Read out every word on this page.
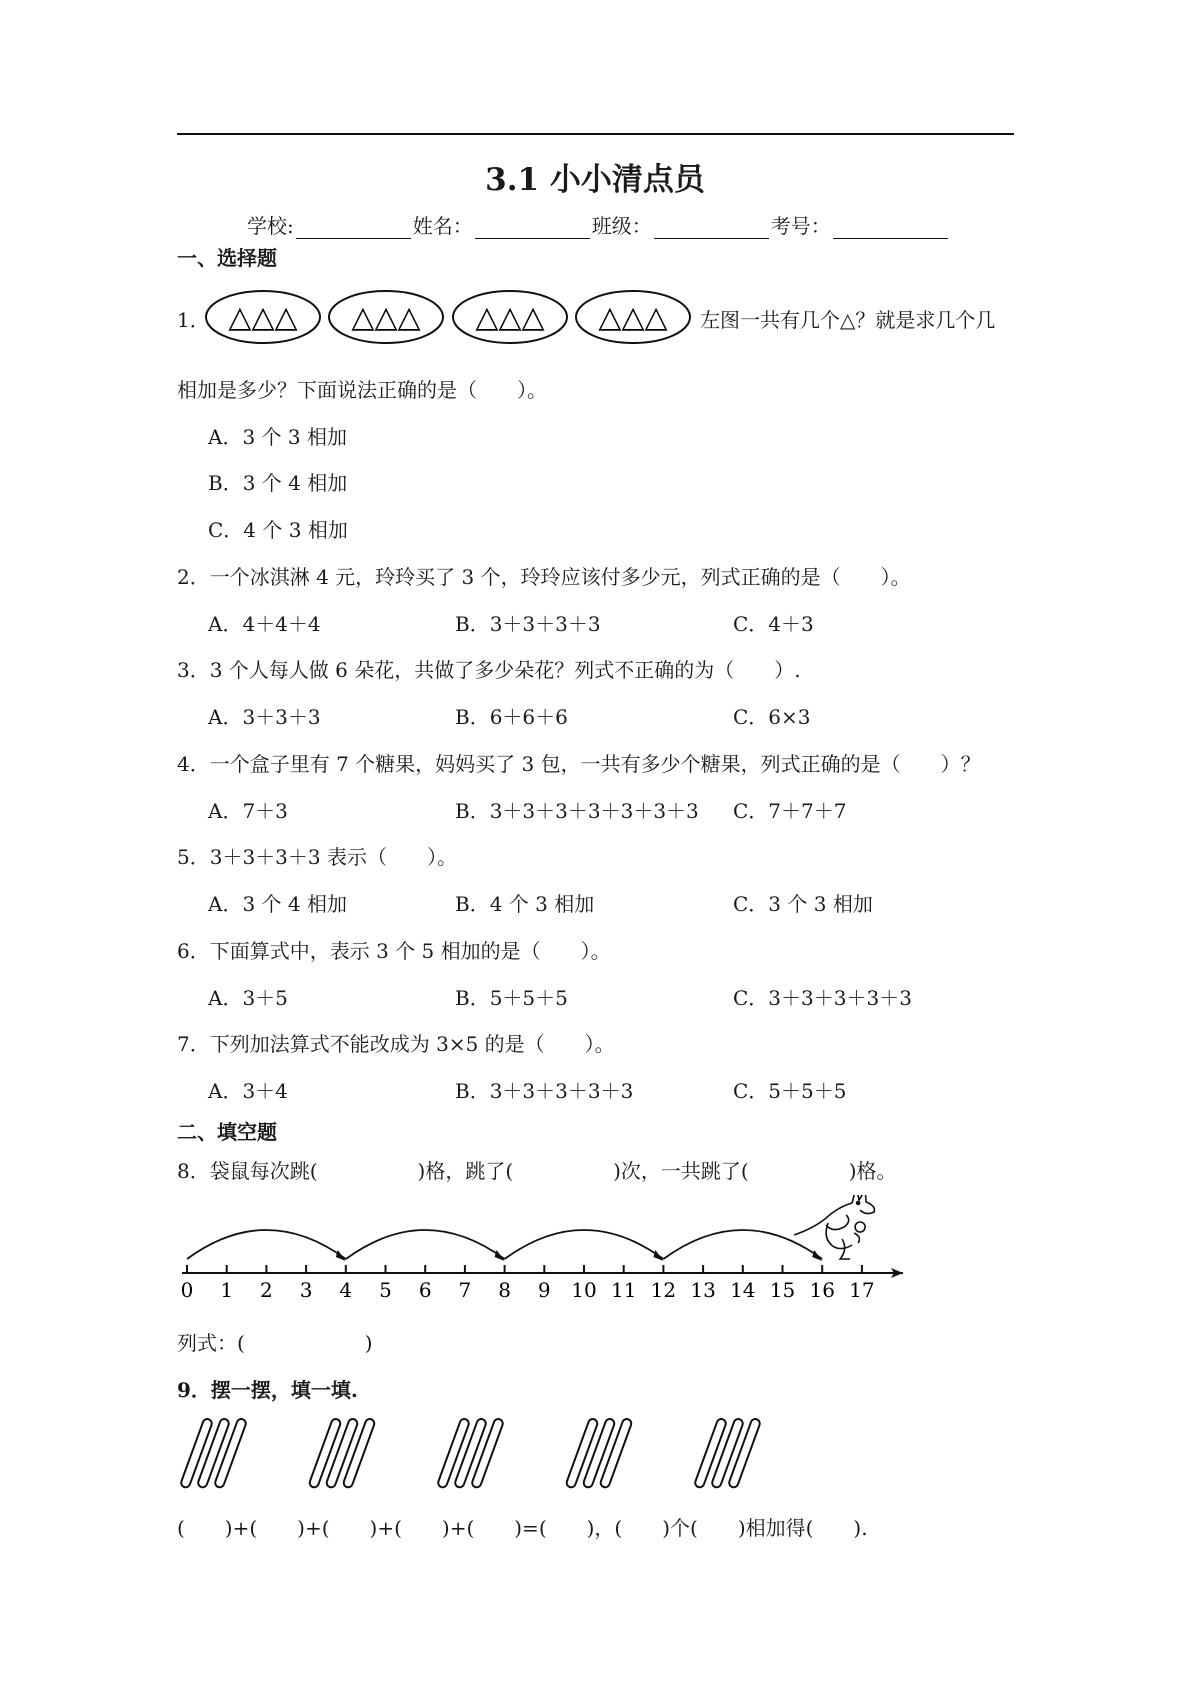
3.1 小小清点员
学校:	姓名：	班级：	考号：
一、选择题
1． △△△ △△△ △△△ △△△ 左图一共有几个△？就是求几个几
相加是多少？下面说法正确的是（　　）。
A．3 个 3 相加
B．3 个 4 相加
C．4 个 3 相加
2．一个冰淇淋 4 元，玲玲买了 3 个，玲玲应该付多少元，列式正确的是（　　）。
A．4＋4＋4	B．3＋3＋3＋3	C．4＋3
3．3 个人每人做 6 朵花，共做了多少朵花？列式不正确的为（　　）.
A．3＋3＋3	B．6＋6＋6	C．6×3
4．一个盒子里有 7 个糖果，妈妈买了 3 包，一共有多少个糖果，列式正确的是（　　）？
A．7＋3	B．3＋3＋3＋3＋3＋3＋3 C．7＋7＋7
5．3＋3＋3＋3 表示（　　）。
A．3 个 4 相加	B．4 个 3 相加	C．3 个 3 相加
6．下面算式中，表示 3 个 5 相加的是（　　）。
A．3＋5	B．5＋5＋5	C．3＋3＋3＋3＋3
7．下列加法算式不能改成为 3×5 的是（　　）。
A．3＋4	B．3＋3＋3＋3＋3	C．5＋5＋5
二、填空题
8．袋鼠每次跳(　　　　　)格，跳了(　　　　　)次，一共跳了(　　　　　)格。
0 1 2 3 4 5 6 7 8 9 10 11 12 13 14 15 16 17
列式：(　　　　　　)
9．摆一摆，填一填.
(　　)+(　　)+(　　)+(　　)+(　　)=(　　)，(　　)个(　　)相加得(　　).
